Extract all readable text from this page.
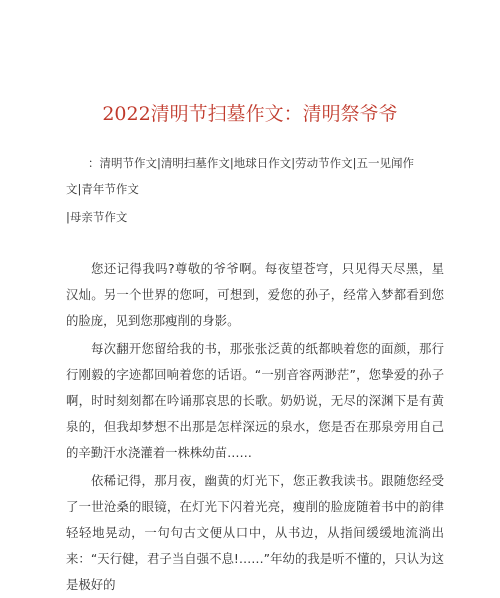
2022清明节扫墓作文：清明祭爷爷
：清明节作文|清明扫墓作文|地球日作文|劳动节作文|五一见闻作
文|青年节作文
|母亲节作文

您还记得我吗?尊敬的爷爷啊。每夜望苍穹，只见得天尽黑，星汉灿。另一个世界的您呵，可想到，爱您的孙子，经常入梦都看到您的脸庞，见到您那瘦削的身影。

每次翻开您留给我的书，那张张泛黄的纸都映着您的面颜，那行行刚毅的字迹都回响着您的话语。“一别音容两渺茫”，您挚爱的孙子啊，时时刻刻都在吟诵那哀思的长歌。奶奶说，无尽的深渊下是有黄泉的，但我却梦想不出那是怎样深远的泉水，您是否在那泉旁用自己的辛勤汗水浇灌着一株株幼苗……

依稀记得，那月夜，幽黄的灯光下，您正教我读书。跟随您经受了一世沧桑的眼镜，在灯光下闪着光亮，瘦削的脸庞随着书中的韵律轻轻地晃动，一句句古文便从口中，从书边，从指间缓缓地流淌出来：“天行健，君子当自强不息!……”年幼的我是听不懂的，只认为这是极好的
